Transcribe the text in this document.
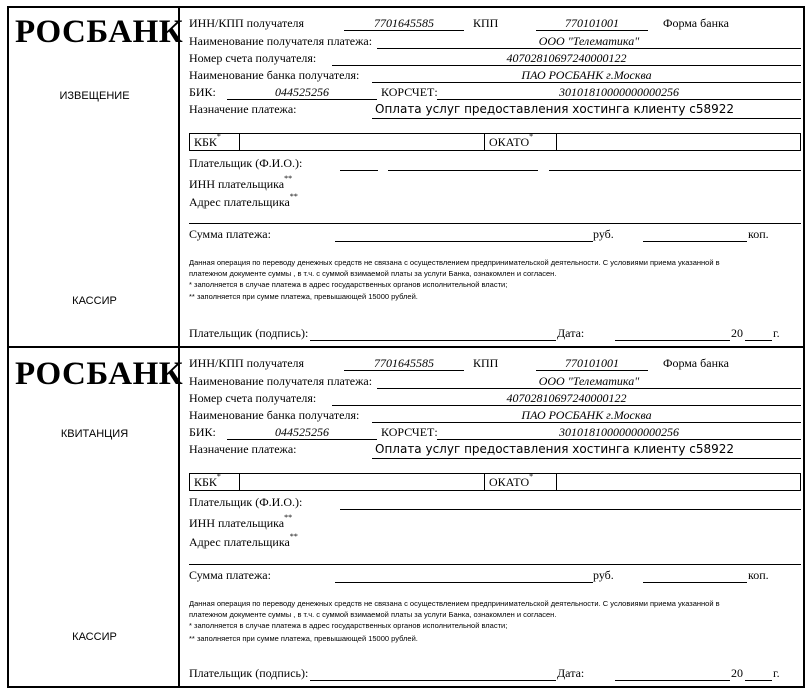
РОСБАНК
ИЗВЕЩЕНИЕ
КАССИР
ИНН/КПП получателя	7701645585	КПП	770101001	Форма банка
Наименование получателя платежа:	ООО "Телематика"
Номер счета получателя:	40702810697240000122
Наименование банка получателя:	ПАО РОСБАНК г.Москва
БИК:	044525256	КОРСЧЕТ:	30101810000000000256
Назначение платежа:	Оплата услуг предоставления хостинга клиенту с58922
КБК*	ОКАТО*
Плательщик (Ф.И.О.):
ИНН плательщика**
Адрес плательщика**
Сумма платежа:	руб.	коп.
Данная операция по переводу денежных средств не связана с осуществлением предпринимательской деятельности. С условиями приема указанной в
платежном документе суммы , в т.ч. с суммой взимаемой платы за услуги Банка, ознакомлен и согласен.
* заполняется в случае платежа в адрес государственных органов исполнительной власти;
** заполняется при сумме платежа, превышающей 15000 рублей.
Плательщик (подпись):	Дата:	20	г.
РОСБАНК
КВИТАНЦИЯ
КАССИР
ИНН/КПП получателя	7701645585	КПП	770101001	Форма банка
Наименование получателя платежа:	ООО "Телематика"
Номер счета получателя:	40702810697240000122
Наименование банка получателя:	ПАО РОСБАНК г.Москва
БИК:	044525256	КОРСЧЕТ:	30101810000000000256
Назначение платежа:	Оплата услуг предоставления хостинга клиенту с58922
КБК*	ОКАТО*
Плательщик (Ф.И.О.):
ИНН плательщика**
Адрес плательщика**
Сумма платежа:	руб.	коп.
Данная операция по переводу денежных средств не связана с осуществлением предпринимательской деятельности. С условиями приема указанной в
платежном документе суммы , в т.ч. с суммой взимаемой платы за услуги Банка, ознакомлен и согласен.
* заполняется в случае платежа в адрес государственных органов исполнительной власти;
** заполняется при сумме платежа, превышающей 15000 рублей.
Плательщик (подпись):	Дата:	20	г.
